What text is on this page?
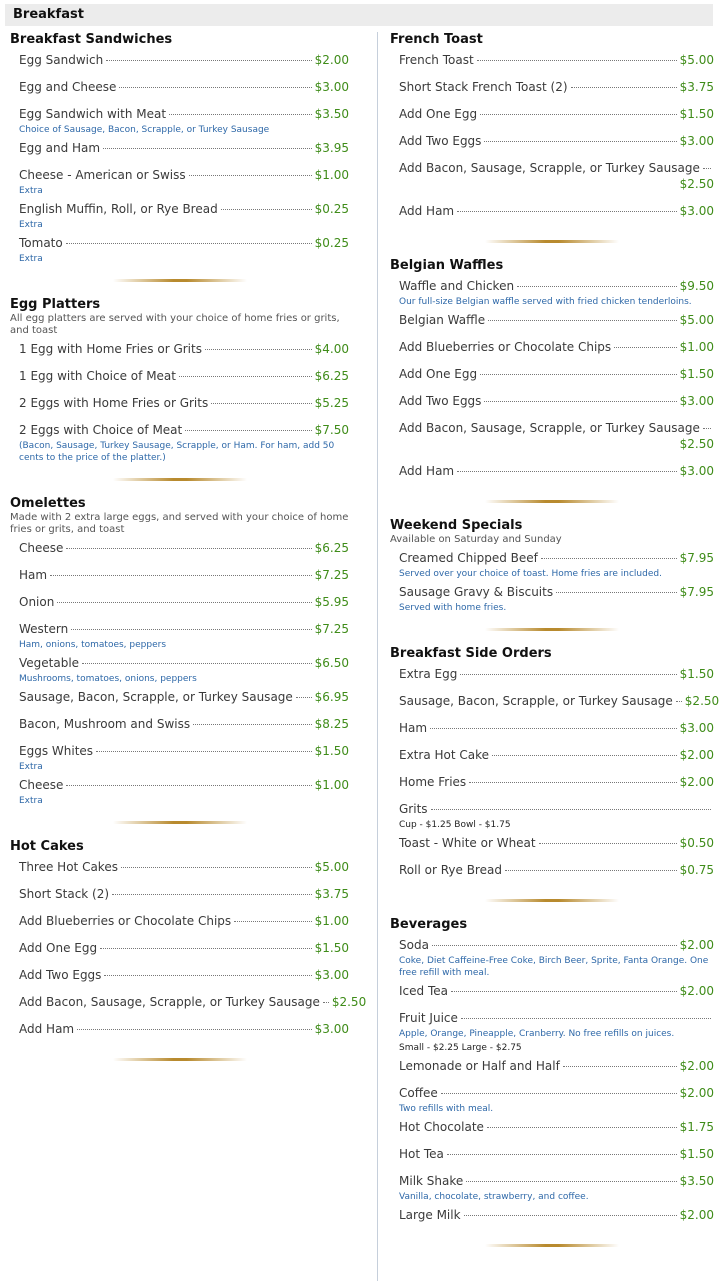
Breakfast
Breakfast Sandwiches
Egg Sandwich	$2.00
Egg and Cheese	$3.00
Egg Sandwich with Meat	$3.50
Choice of Sausage, Bacon, Scrapple, or Turkey Sausage
Egg and Ham	$3.95
Cheese - American or Swiss	$1.00
Extra
English Muffin, Roll, or Rye Bread	$0.25
Extra
Tomato	$0.25
Extra
Egg Platters
All egg platters are served with your choice of home fries or grits, and toast
1 Egg with Home Fries or Grits	$4.00
1 Egg with Choice of Meat	$6.25
2 Eggs with Home Fries or Grits	$5.25
2 Eggs with Choice of Meat	$7.50
(Bacon, Sausage, Turkey Sausage, Scrapple, or Ham. For ham, add 50 cents to the price of the platter.)
Omelettes
Made with 2 extra large eggs, and served with your choice of home fries or grits, and toast
Cheese	$6.25
Ham	$7.25
Onion	$5.95
Western	$7.25
Ham, onions, tomatoes, peppers
Vegetable	$6.50
Mushrooms, tomatoes, onions, peppers
Sausage, Bacon, Scrapple, or Turkey Sausage $6.95
Bacon, Mushroom and Swiss	$8.25
Eggs Whites	$1.50
Extra
Cheese	$1.00
Extra
Hot Cakes
Three Hot Cakes	$5.00
Short Stack (2)	$3.75
Add Blueberries or Chocolate Chips	$1.00
Add One Egg	$1.50
Add Two Eggs	$3.00
Add Bacon, Sausage, Scrapple, or Turkey Sausage $2.50
Add Ham	$3.00
French Toast
French Toast	$5.00
Short Stack French Toast (2)	$3.75
Add One Egg	$1.50
Add Two Eggs	$3.00
Add Bacon, Sausage, Scrapple, or Turkey Sausage
$2.50
Add Ham	$3.00
Belgian Waffles
Waffle and Chicken	$9.50
Our full-size Belgian waffle served with fried chicken tenderloins.
Belgian Waffle	$5.00
Add Blueberries or Chocolate Chips	$1.00
Add One Egg	$1.50
Add Two Eggs	$3.00
Add Bacon, Sausage, Scrapple, or Turkey Sausage
$2.50
Add Ham	$3.00
Weekend Specials
Available on Saturday and Sunday
Creamed Chipped Beef	$7.95
Served over your choice of toast. Home fries are included.
Sausage Gravy & Biscuits	$7.95
Served with home fries.
Breakfast Side Orders
Extra Egg	$1.50
Sausage, Bacon, Scrapple, or Turkey Sausage $2.50
Ham	$3.00
Extra Hot Cake	$2.00
Home Fries	$2.00
Grits
Cup - $1.25 Bowl - $1.75
Toast - White or Wheat	$0.50
Roll or Rye Bread	$0.75
Beverages
Soda	$2.00
Coke, Diet Caffeine-Free Coke, Birch Beer, Sprite, Fanta Orange. One free refill with meal.
Iced Tea	$2.00
Fruit Juice
Apple, Orange, Pineapple, Cranberry. No free refills on juices.
Small - $2.25 Large - $2.75
Lemonade or Half and Half	$2.00
Coffee	$2.00
Two refills with meal.
Hot Chocolate	$1.75
Hot Tea	$1.50
Milk Shake	$3.50
Vanilla, chocolate, strawberry, and coffee.
Large Milk	$2.00
